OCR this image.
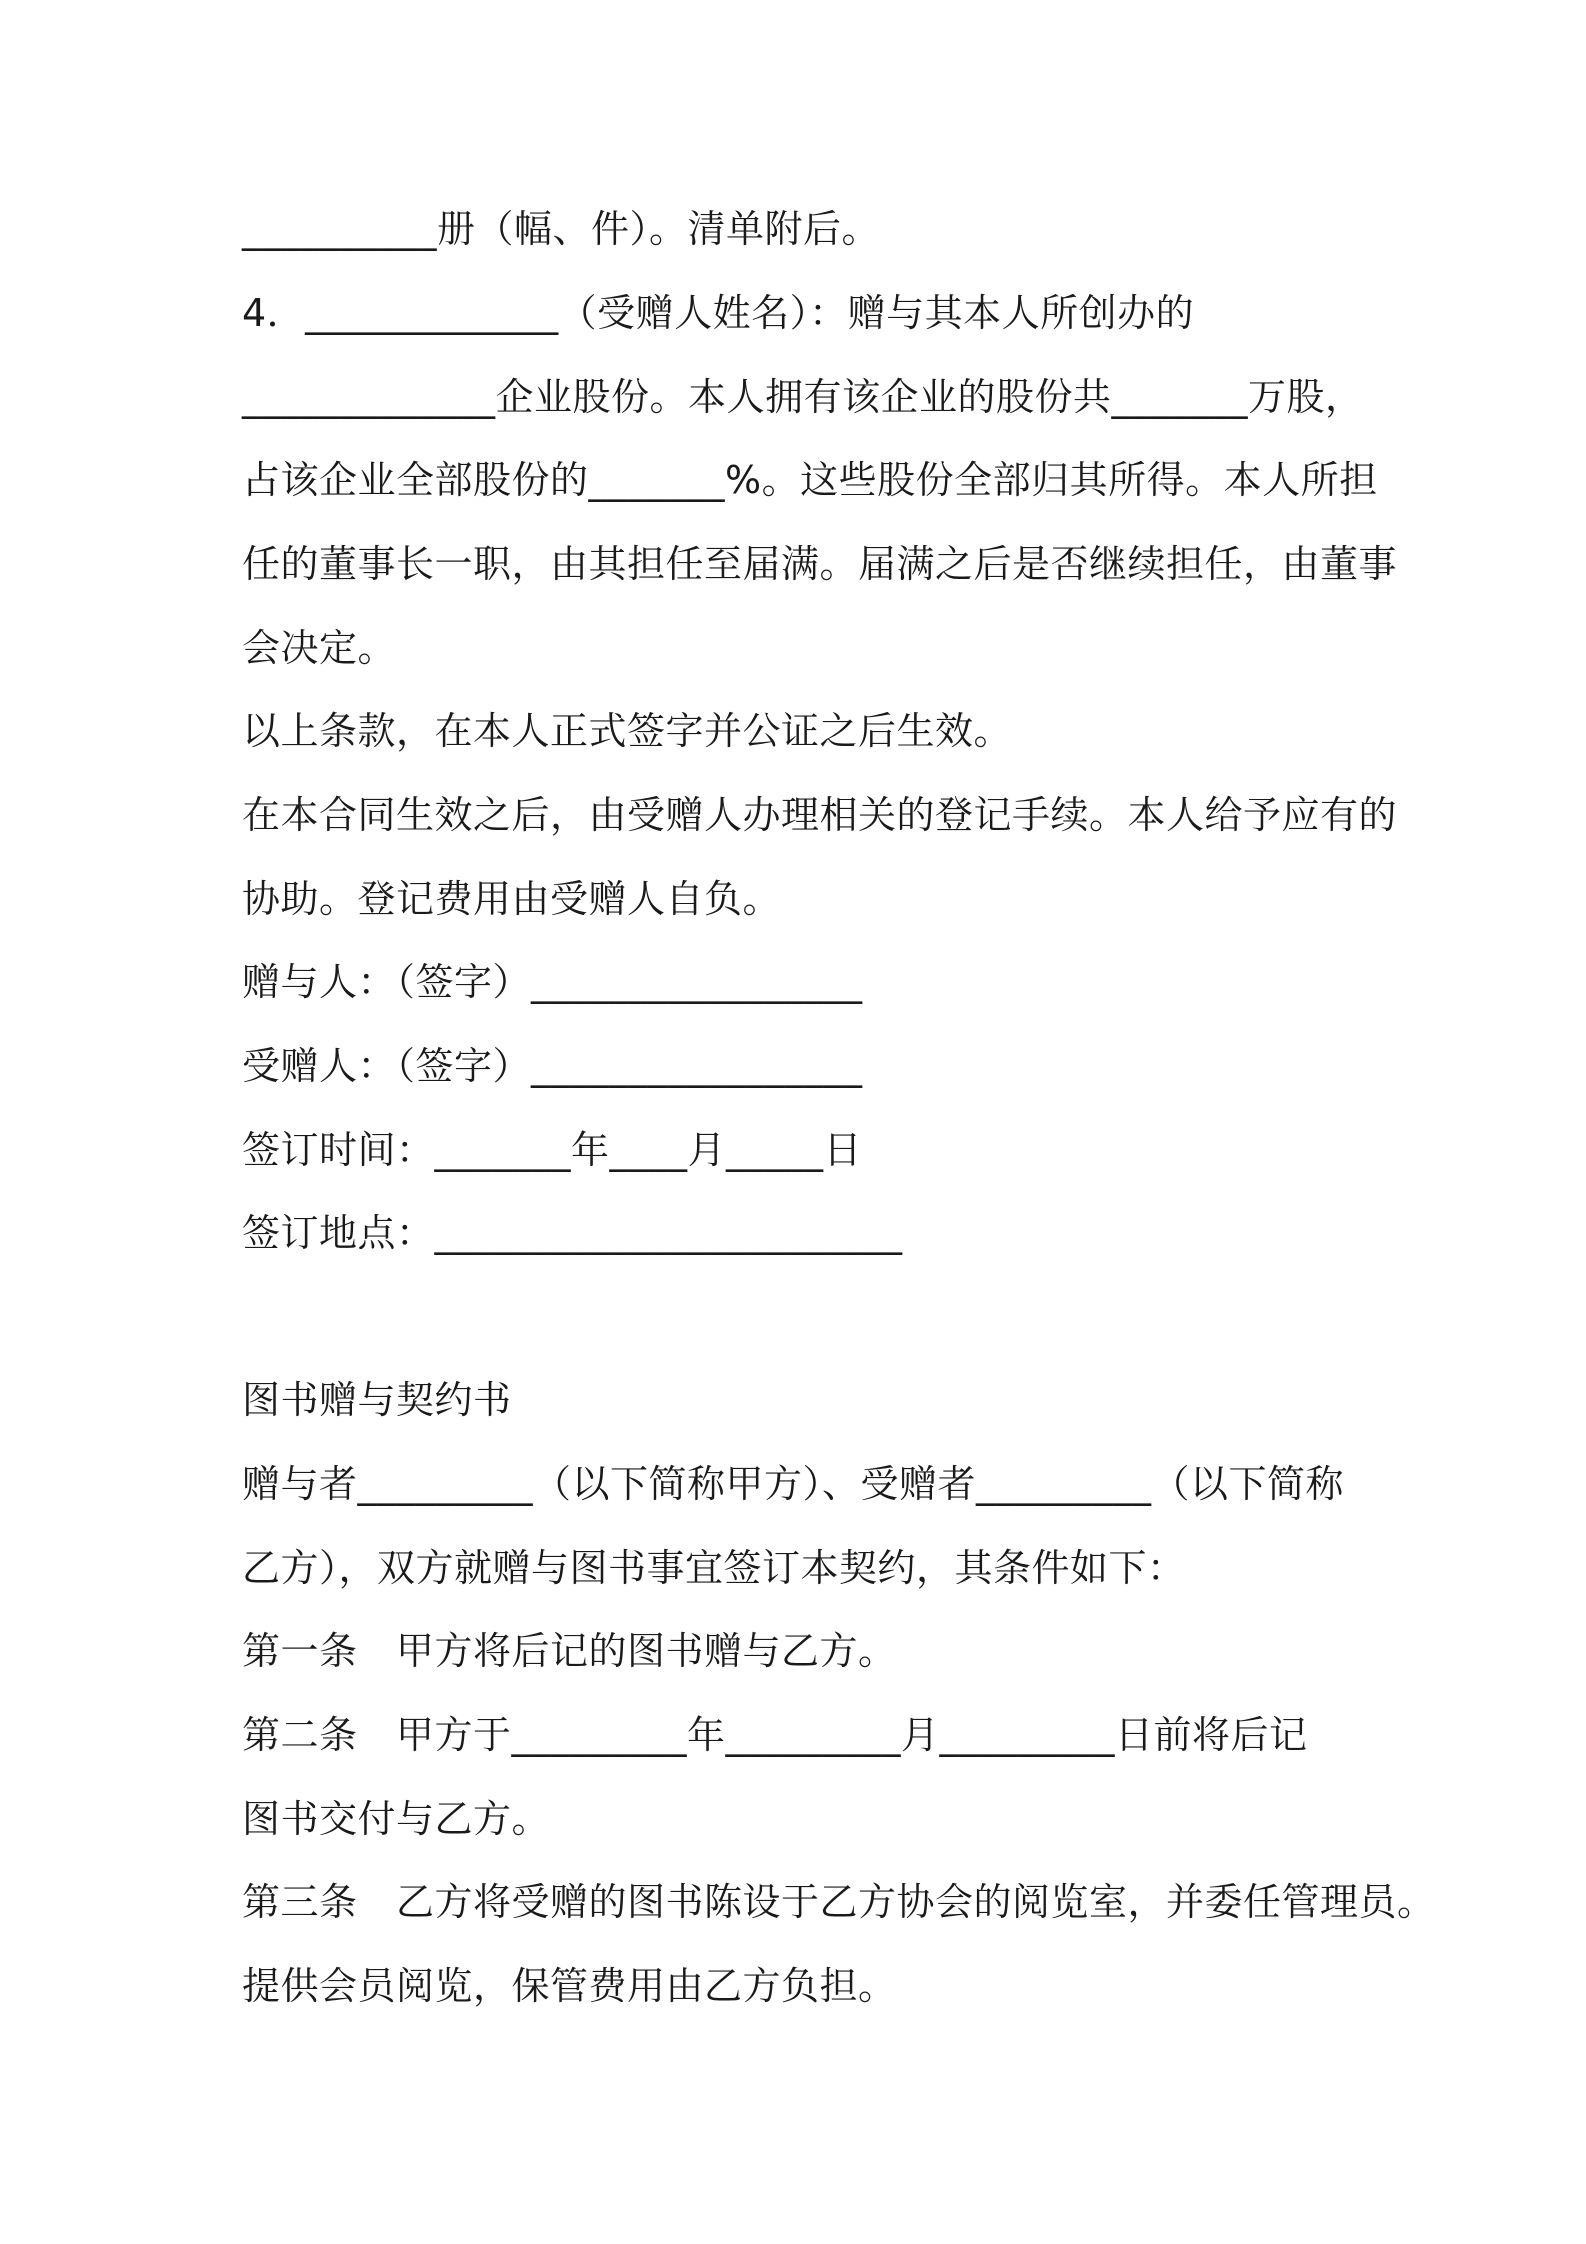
__________册（幅、件）。清单附后。
4．_____________（受赠人姓名）：赠与其本人所创办的
_____________企业股份。本人拥有该企业的股份共_______万股，
占该企业全部股份的_______%。这些股份全部归其所得。本人所担
任的董事长一职，由其担任至届满。届满之后是否继续担任，由董事
会决定。
以上条款，在本人正式签字并公证之后生效。
在本合同生效之后，由受赠人办理相关的登记手续。本人给予应有的
协助。登记费用由受赠人自负。
赠与人：（签字）_________________
受赠人：（签字）_________________
签订时间：_______年____月_____日
签订地点：________________________
图书赠与契约书
赠与者_________（以下简称甲方）、受赠者_________（以下简称
乙方），双方就赠与图书事宜签订本契约，其条件如下：
第一条　甲方将后记的图书赠与乙方。
第二条　甲方于_________年_________月_________日前将后记
图书交付与乙方。
第三条　乙方将受赠的图书陈设于乙方协会的阅览室，并委任管理员。
提供会员阅览，保管费用由乙方负担。
